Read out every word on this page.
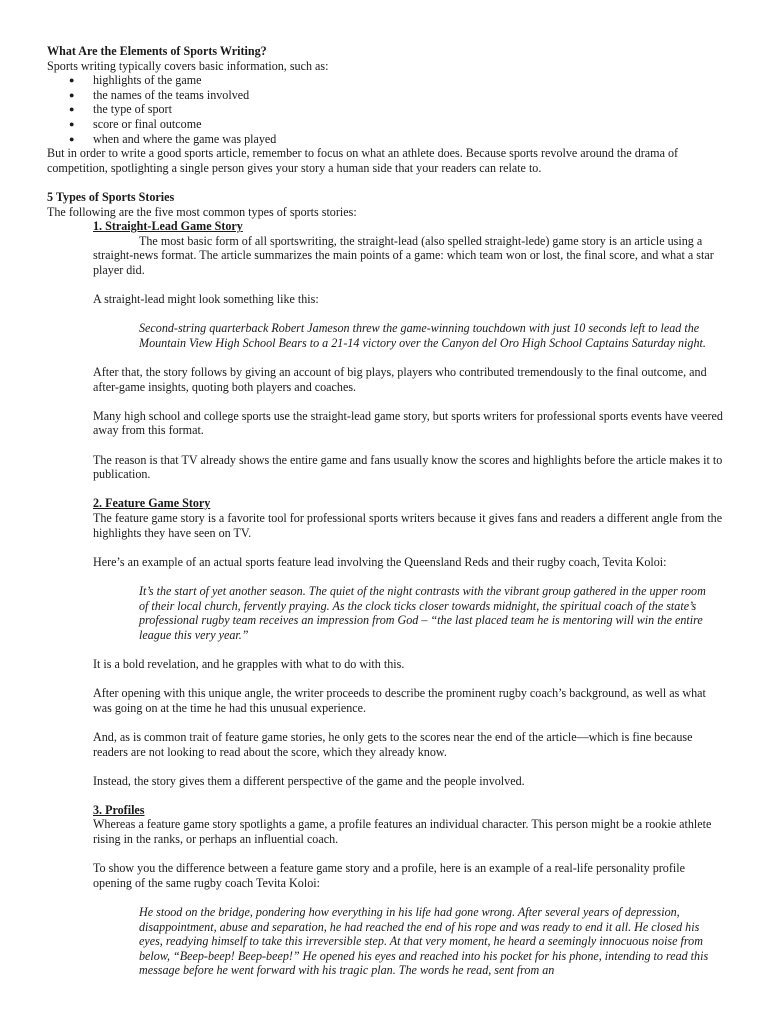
What Are the Elements of Sports Writing?
Sports writing typically covers basic information, such as:
● highlights of the game
● the names of the teams involved
● the type of sport
● score or final outcome
● when and where the game was played
But in order to write a good sports article, remember to focus on what an athlete does. Because sports revolve around the drama of competition, spotlighting a single person gives your story a human side that your readers can relate to.
5 Types of Sports Stories
The following are the five most common types of sports stories:
1. Straight-Lead Game Story
The most basic form of all sportswriting, the straight-lead (also spelled straight-lede) game story is an article using a straight-news format. The article summarizes the main points of a game: which team won or lost, the final score, and what a star player did.
A straight-lead might look something like this:
Second-string quarterback Robert Jameson threw the game-winning touchdown with just 10 seconds left to lead the Mountain View High School Bears to a 21-14 victory over the Canyon del Oro High School Captains Saturday night.
After that, the story follows by giving an account of big plays, players who contributed tremendously to the final outcome, and after-game insights, quoting both players and coaches.
Many high school and college sports use the straight-lead game story, but sports writers for professional sports events have veered away from this format.
The reason is that TV already shows the entire game and fans usually know the scores and highlights before the article makes it to publication.
2. Feature Game Story
The feature game story is a favorite tool for professional sports writers because it gives fans and readers a different angle from the highlights they have seen on TV.
Here’s an example of an actual sports feature lead involving the Queensland Reds and their rugby coach, Tevita Koloi:
It’s the start of yet another season. The quiet of the night contrasts with the vibrant group gathered in the upper room of their local church, fervently praying. As the clock ticks closer towards midnight, the spiritual coach of the state’s professional rugby team receives an impression from God – “the last placed team he is mentoring will win the entire league this very year.”
It is a bold revelation, and he grapples with what to do with this.
After opening with this unique angle, the writer proceeds to describe the prominent rugby coach’s background, as well as what was going on at the time he had this unusual experience.
And, as is common trait of feature game stories, he only gets to the scores near the end of the article—which is fine because readers are not looking to read about the score, which they already know.
Instead, the story gives them a different perspective of the game and the people involved.
3. Profiles
Whereas a feature game story spotlights a game, a profile features an individual character. This person might be a rookie athlete rising in the ranks, or perhaps an influential coach.
To show you the difference between a feature game story and a profile, here is an example of a real-life personality profile opening of the same rugby coach Tevita Koloi:
He stood on the bridge, pondering how everything in his life had gone wrong. After several years of depression, disappointment, abuse and separation, he had reached the end of his rope and was ready to end it all. He closed his eyes, readying himself to take this irreversible step. At that very moment, he heard a seemingly innocuous noise from below, “Beep-beep! Beep-beep!” He opened his eyes and reached into his pocket for his phone, intending to read this message before he went forward with his tragic plan. The words he read, sent from an
